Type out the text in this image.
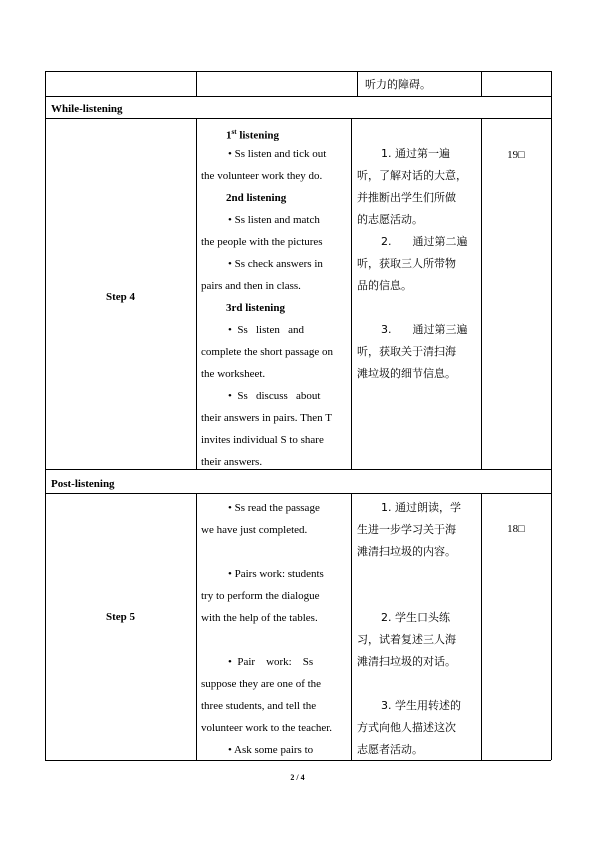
听力的障碍。
While-listening
Step 4
1st listening
• Ss listen and tick out
the volunteer work they do.
2nd listening
• Ss listen and match
the people with the pictures
• Ss check answers in
pairs and then in class.
3rd listening
•  Ss   listen   and
complete the short passage on
the worksheet.
•  Ss   discuss   about
their answers in pairs. Then T
invites individual S to share
their answers.
1. 通过第一遍
听，了解对话的大意，
并推断出学生们所做
的志愿活动。
2.      通过第二遍
听，获取三人所带物
品的信息。
3.      通过第三遍
听，获取关于清扫海
滩垃圾的细节信息。
19□
Post-listening
Step 5
• Ss read the passage
we have just completed.
• Pairs work: students
try to perform the dialogue
with the help of the tables.
•  Pair    work:    Ss
suppose they are one of the
three students, and tell the
volunteer work to the teacher.
• Ask some pairs to
1. 通过朗读，学
生进一步学习关于海
滩清扫垃圾的内容。
2. 学生口头练
习，试着复述三人海
滩清扫垃圾的对话。
3. 学生用转述的
方式向他人描述这次
志愿者活动。
18□
2 / 4
